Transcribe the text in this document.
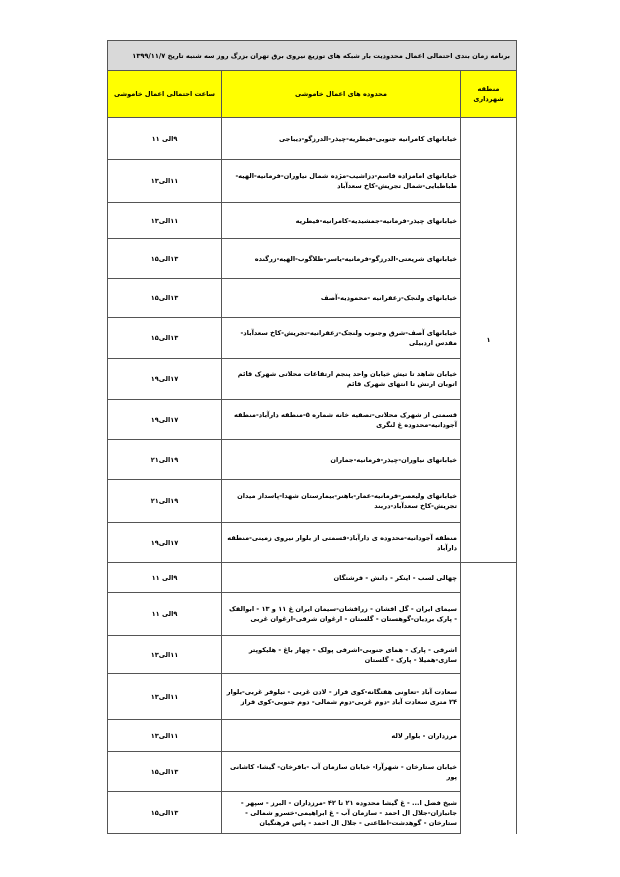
برنامه زمان بندی احتمالی اعمال محدودیت بار شبکه های توزیع نیروی برق تهران بزرگ روز سه شنبه تاریخ ۱۳۹۹/۱۱/۷		
منطقه شهرداری	محدوده های اعمال خاموشی	ساعت احتمالی اعمال خاموشی
۱	خیابانهای کامرانیه جنوبی-فیطریه-چیذر-الدرزگو-دیباجی	۹الی ۱۱
	خیابانهای امامزاده قاسم-دزاشیب-مژده شمال نیاوران-فرمانیه-الهیه-طباطبایی-شمال تجریش-کاخ سعدآباد	۱۱الی۱۳
	خیابانهای چیذر-فرمانیه-جمشیدیه-کامرانیه-فیطریه	۱۱الی۱۳
	خیابانهای شریعتی-الدرزگو-فرمانیه-یاسر-ظلاگوب-الهیه-زرگنده	۱۳الی۱۵
	خیابانهای ولنجک-زعفرانیه -محمودیه-آصف	۱۳الی۱۵
	خیابانهای آصف-شرق وجنوب ولنجک-زعفرانیه-تجریش-کاخ سعدآباد-مقدس اردبیلی	۱۳الی۱۵
	خیابان شاهد تا تیش خیابان واحد پنجم ارتفاعات محلاتی شهرک قائم اتوبان ارتش تا انتهای شهرک قائم	۱۷الی۱۹
	قسمتی از شهرک محلاتی-تصفیه خانه شماره ۵-منطقه دارآباد-منطقه آجودانیه-محدوده غ لنگری	۱۷الی۱۹
	خیابانهای نیاوران-چیذر-فرمانیه-جماران	۱۹الی۲۱
	خیابانهای ولیعصر-فرمانیه-عمار-باهنر-بیمارستان شهدا-پاسداز میدان تجریش-کاخ سعدآباد-دربند	۱۹الی۲۱
	منطقه آجودانیه-محدوده ی دارآباد-قسمتی از بلوار نیروی زمینی-منطقه دارآباد	۱۷الی۱۹
	چهالی لسب - اینکر - دانش - فرشتگان	۹الی ۱۱
	سیمای ایران - گل افشان - زرافشان-سیمان ایران غ ۱۱ و ۱۳ - ابوالفک - پارک بردیان-گوهستان - گلستان - ارغوان شرقی-ارغوان غربی	۹الی ۱۱
	اشرفی - پارک - همای جنوبی-اشرفی پولک - چهار باغ - هلیکوپتر سازی-همیلا - پارک - گلستان	۱۱الی۱۳
	سعادت آباد -تعاونی هفتگانه-کوی فراز - لادن غربی - تیلوفر غربی-بلوار ۲۴ متری سعادت آباد -دوم غربی-دوم شمالی- دوم جنوبی-کوی فراز	۱۱الی۱۳
	مرزداران - بلوار لاله	۱۱الی۱۳
	خیابان ستارخان - شهرآرا- خیابان سازمان آب -باقرخان- گیشا- کاشانی پور	۱۳الی۱۵
	شیخ فضل ا... - غ گیشا محدوده ۲۱ تا ۴۲ -مرزداران - البرز - سپهر - جانبازان-جلال ال احمد - سازمان آب - غ ابراهیمی-خسرو شمالی - ستارخان - گوهدشت-اطاعتی - جلال ال احمد - پاس فرهنگیان	۱۳الی۱۵
